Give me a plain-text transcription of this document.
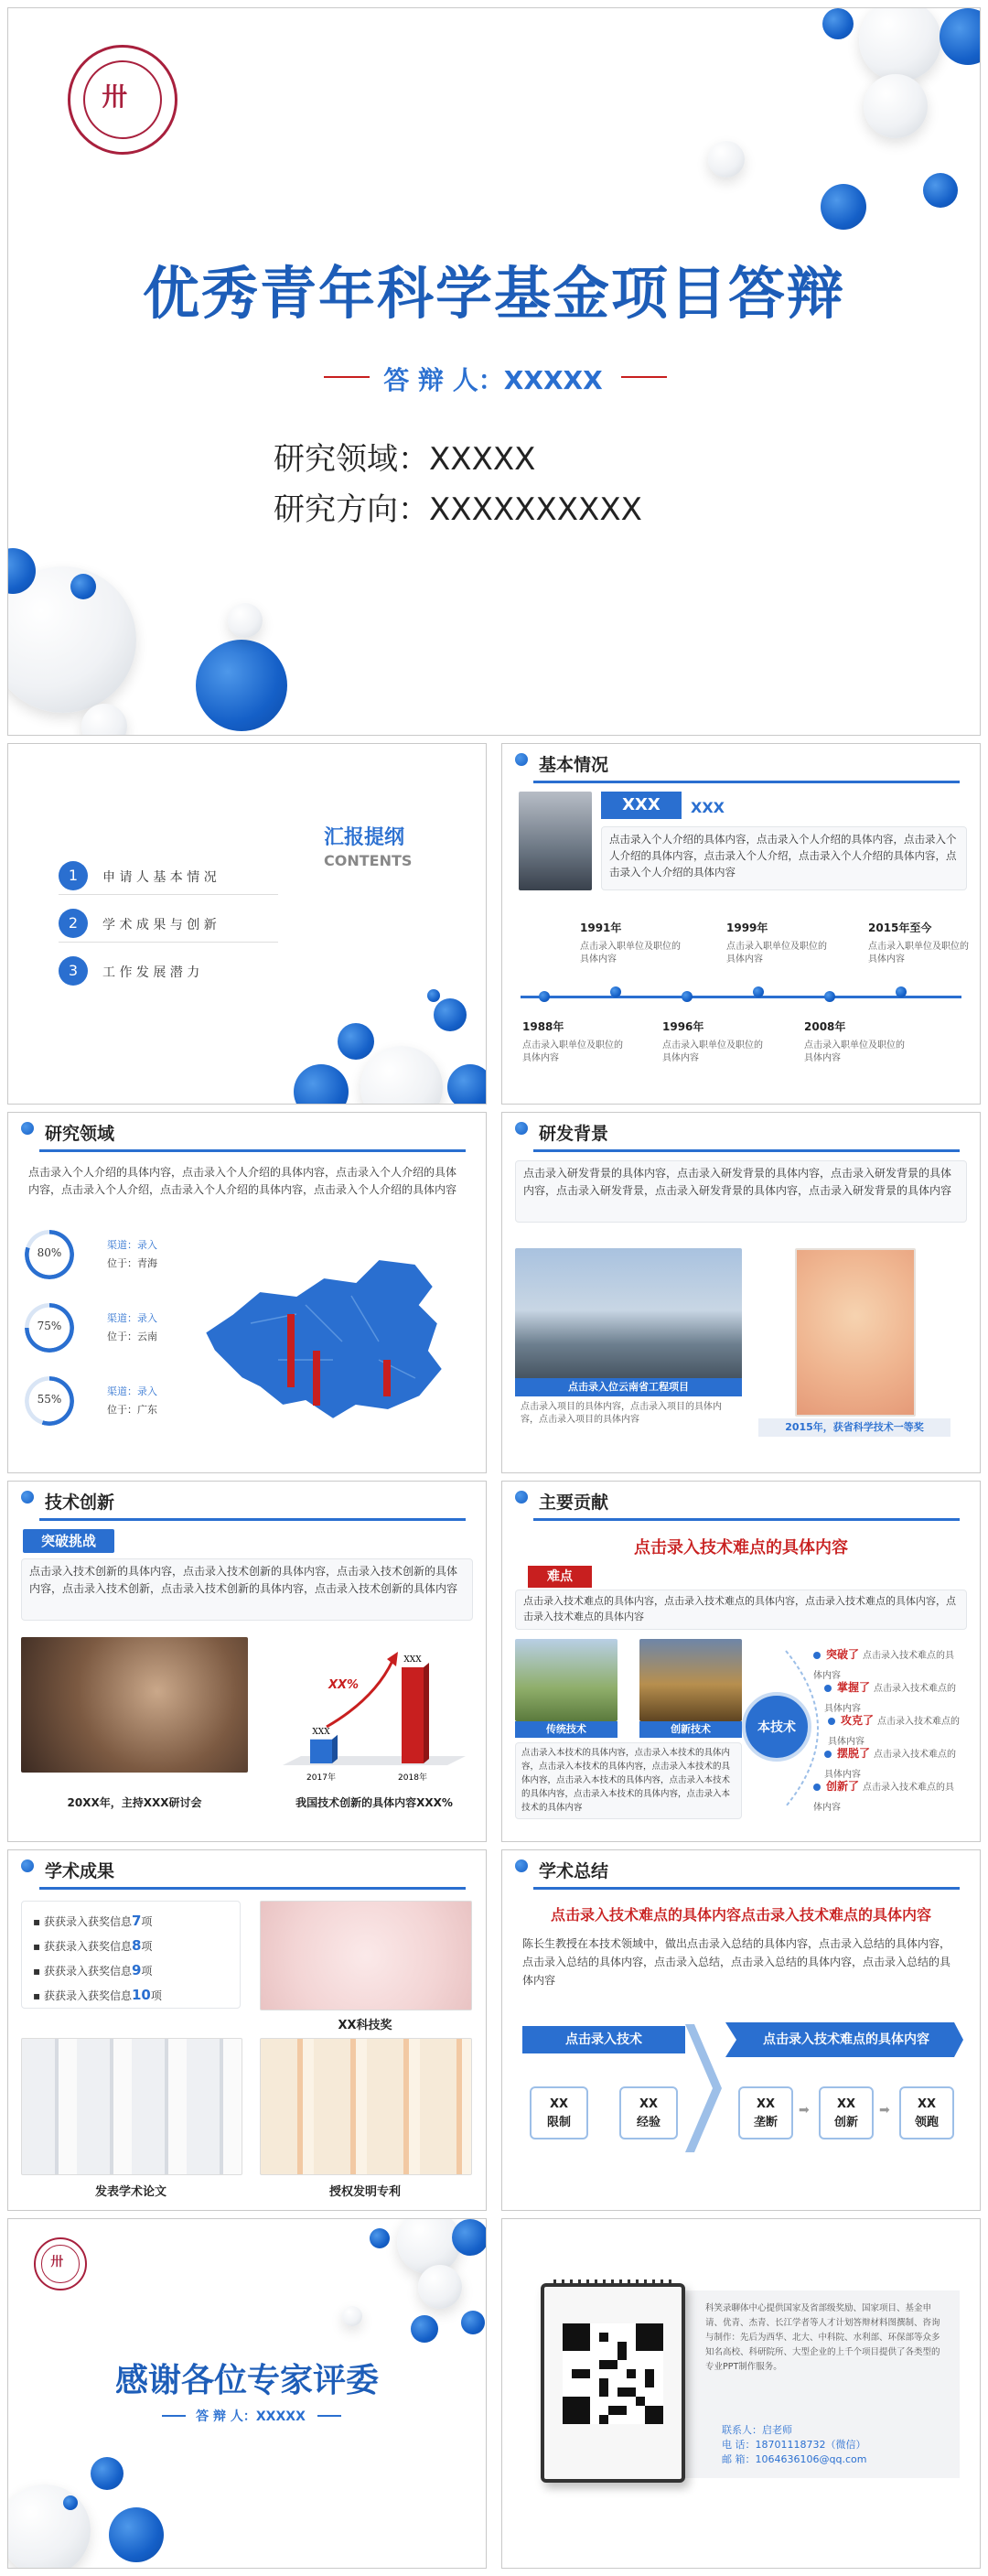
卅
优秀青年科学基金项目答辩
答 辩 人：XXXXX
研究领域：XXXXX
研究方向：XXXXXXXXXX
汇报提纲
CONTENTS
1	申 请 人 基 本 情 况
2	学 术 成 果 与 创 新
3	工 作 发 展 潜 力
基本情况
XXX	XXX
点击录入个人介绍的具体内容，点击录入个人介绍的具体内容，点击录入个人介绍的具体内容，点击录入个人介绍，点击录入个人介绍的具体内容，点击录入个人介绍的具体内容
1991年
点击录入职单位及职位的具体内容
1999年
点击录入职单位及职位的具体内容
2015年至今
点击录入职单位及职位的具体内容
1988年
点击录入职单位及职位的具体内容
1996年
点击录入职单位及职位的具体内容
2008年
点击录入职单位及职位的具体内容
研究领域
点击录入个人介绍的具体内容，点击录入个人介绍的具体内容，点击录入个人介绍的具体内容，点击录入个人介绍，点击录入个人介绍的具体内容，点击录入个人介绍的具体内容
80%
渠道：录入
位于：青海
75%
渠道：录入
位于：云南
55%
渠道：录入
位于：广东
研发背景
点击录入研发背景的具体内容，点击录入研发背景的具体内容，点击录入研发背景的具体内容，点击录入研发背景，点击录入研发背景的具体内容，点击录入研发背景的具体内容
点击录入位云南省工程项目
点击录入项目的具体内容，点击录入项目的具体内容，点击录入项目的具体内容
2015年，获省科学技术一等奖
技术创新
突破挑战
点击录入技术创新的具体内容，点击录入技术创新的具体内容，点击录入技术创新的具体内容，点击录入技术创新，点击录入技术创新的具体内容，点击录入技术创新的具体内容
20XX年，主持XXX研讨会
XXX
2017年
XXX
2018年
XX%
我国技术创新的具体内容XXX%
主要贡献
点击录入技术难点的具体内容
难点
点击录入技术难点的具体内容，点击录入技术难点的具体内容，点击录入技术难点的具体内容，点击录入技术难点的具体内容
传统技术	创新技术
点击录入本技术的具体内容，点击录入本技术的具体内容，点击录入本技术的具体内容，点击录入本技术的具体内容，点击录入本技术的具体内容，点击录入本技术的具体内容，点击录入本技术的具体内容，点击录入本技术的具体内容
本技术
突破了 点击录入技术难点的具体内容
掌握了 点击录入技术难点的具体内容
攻克了 点击录入技术难点的具体内容
摆脱了 点击录入技术难点的具体内容
创新了 点击录入技术难点的具体内容
学术成果
▪ 获获录入获奖信息7项
▪ 获获录入获奖信息8项
▪ 获获录入获奖信息9项
▪ 获获录入获奖信息10项
XX科技奖
发表学术论文	授权发明专利
学术总结
点击录入技术难点的具体内容点击录入技术难点的具体内容
陈长生教授在本技术领域中，做出点击录入总结的具体内容，点击录入总结的具体内容，点击录入总结的具体内容，点击录入总结，点击录入总结的具体内容，点击录入总结的具体内容
点击录入技术	点击录入技术难点的具体内容
XX
限制
XX
经验
XX
垄断
➡	XX
创新
➡	XX
领跑
卅
感谢各位专家评委
答 辩 人：XXXXX
科笑录聊体中心提供国家及省部级奖励、国家项目、基金申请、优青、杰青、长江学者等人才计划答辩材料图撰制、咨询与制作：先后为西华、北大、中科院、水利部、环保部等众多知名高校、科研院所、大型企业的上千个项目提供了各类型的专业PPT制作服务。
联系人：启老师
电 话：18701118732（微信）
邮 箱：1064636106@qq.com
